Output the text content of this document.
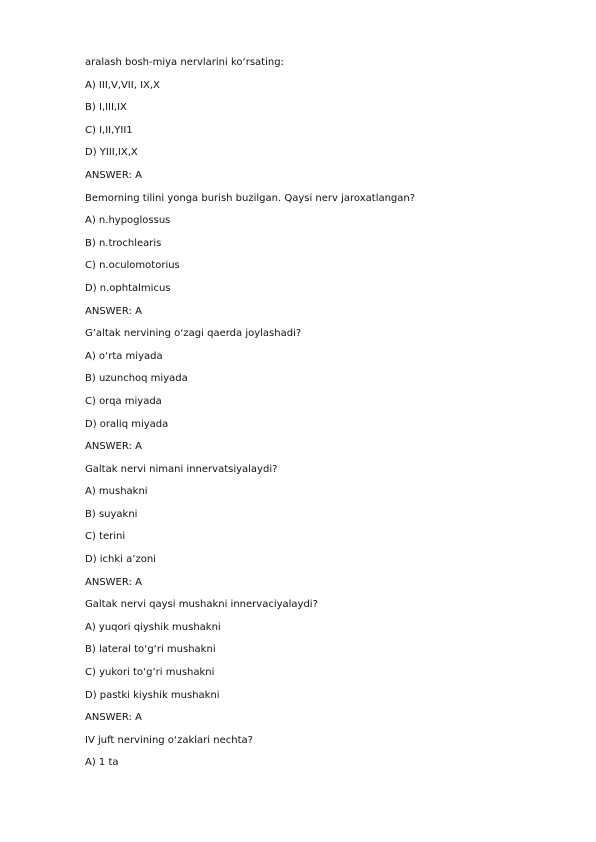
aralash bosh-miya nervlarini ko‘rsating:
A) III,V,VII, IX,X
B) I,III,IX
C) I,II,YII1
D) YIII,IX,X
ANSWER: A
Bemorning tilini yonga burish buzilgan. Qaysi nerv jaroxatlangan?
A) n.hypoglossus
B) n.trochlearis
C) n.oculomotorius
D) n.ophtalmicus
ANSWER: A
G’altak nervining o‘zagi qaerda joylashadi?
A) o‘rta miyada
B) uzunchoq miyada
C) orqa miyada
D) oraliq miyada
ANSWER: A
Galtak nervi nimani innervatsiyalaydi?
A) mushakni
B) suyakni
C) terini
D) ichki a’zoni
ANSWER: A
Galtak nervi qaysi mushakni innervaciyalaydi?
A) yuqori qiyshik mushakni
B) lateral to‘g‘ri mushakni
C) yukori to‘g‘ri mushakni
D) pastki kiyshik mushakni
ANSWER: A
IV juft nervining o‘zaklari nechta?
A) 1 ta
